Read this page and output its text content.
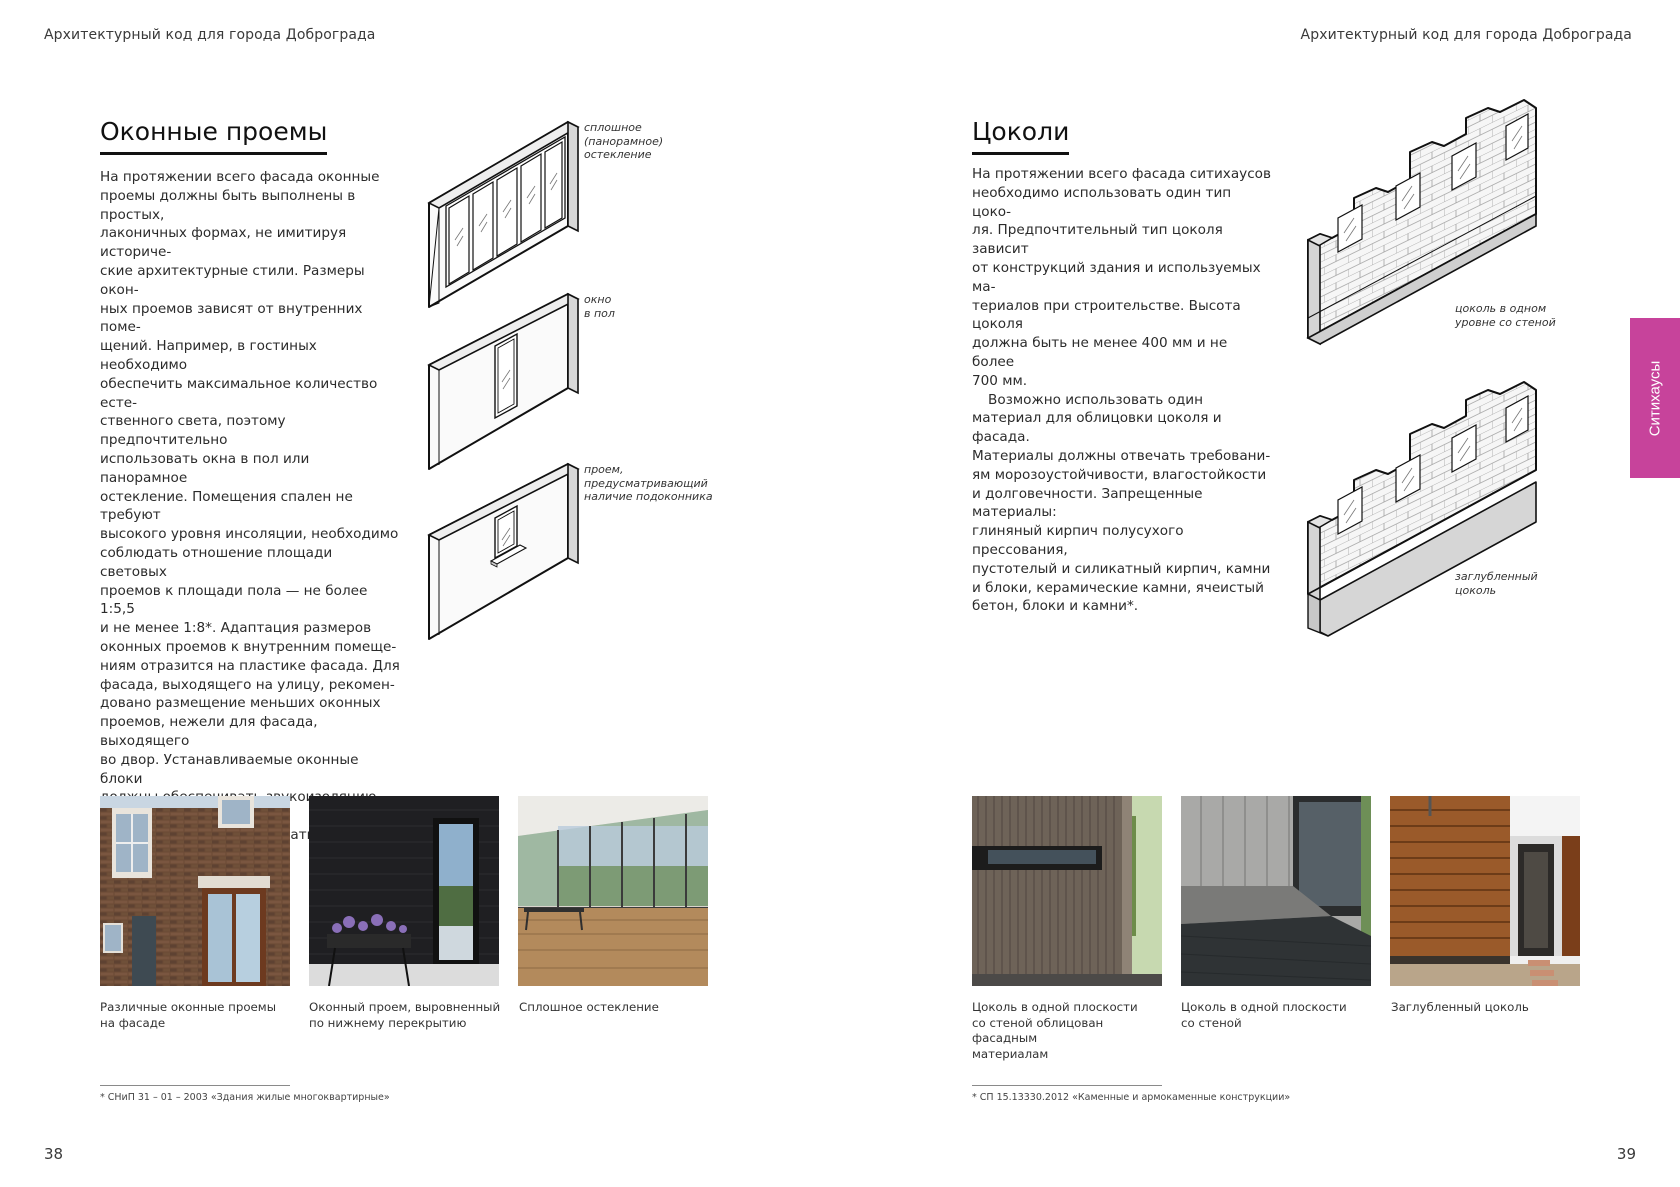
Архитектурный код для города Доброграда	Архитектурный код для города Доброграда
Оконные проемы

На протяжении всего фасада оконные
проемы должны быть выполнены в простых,
лаконичных формах, не имитируя историче-
ские архитектурные стили. Размеры окон-
ных проемов зависят от внутренних поме-
щений. Например, в гостиных необходимо
обеспечить максимальное количество есте-
ственного света, поэтому предпочтительно
использовать окна в пол или панорамное
остекление. Помещения спален не требуют
высокого уровня инсоляции, необходимо
соблюдать отношение площади световых
проемов к площади пола — не более 1:5,5
и не менее 1:8*. Адаптация размеров
оконных проемов к внутренним помеще-
ниям отразится на пластике фасада. Для
фасада, выходящего на улицу, рекомен-
довано размещение меньших оконных
проемов, нежели для фасада, выходящего
во двор. Устанавливаемые оконные блоки

сплошное
(панорамное)
остекление
окно
в пол
проем,
предусматривающий
наличие подоконника
Различные оконные проемы
на фасаде
Оконный проем, выровненный
по нижнему перекрытию
Сплошное остекление
* СНиП 31 – 01 – 2003 «Здания жилые многоквартирные»
38
Цоколи

На протяжении всего фасада ситихаусов
необходимо использовать один тип цоко-
ля. Предпочтительный тип цоколя зависит
от конструкций здания и используемых ма-
териалов при строительстве. Высота цоколя
должна быть не менее 400 мм и не более
700 мм.

Возможно использовать один
материал для облицовки цоколя и фасада.
Материалы должны отвечать требовани-
ям морозоустойчивости, влагостойкости
и долговечности. Запрещенные материалы:
глиняный кирпич полусухого прессования,
пустотелый и силикатный кирпич, камни
и блоки, керамические камни, ячеистый
бетон, блоки и камни*.

цоколь в одном
уровне со стеной
заглубленный
цоколь
Цоколь в одной плоскости
со стеной облицован фасадным
материалам
Цоколь в одной плоскости
со стеной
Заглубленный цоколь
* СП 15.13330.2012 «Каменные и армокаменные конструкции»
39
Ситихаусы
